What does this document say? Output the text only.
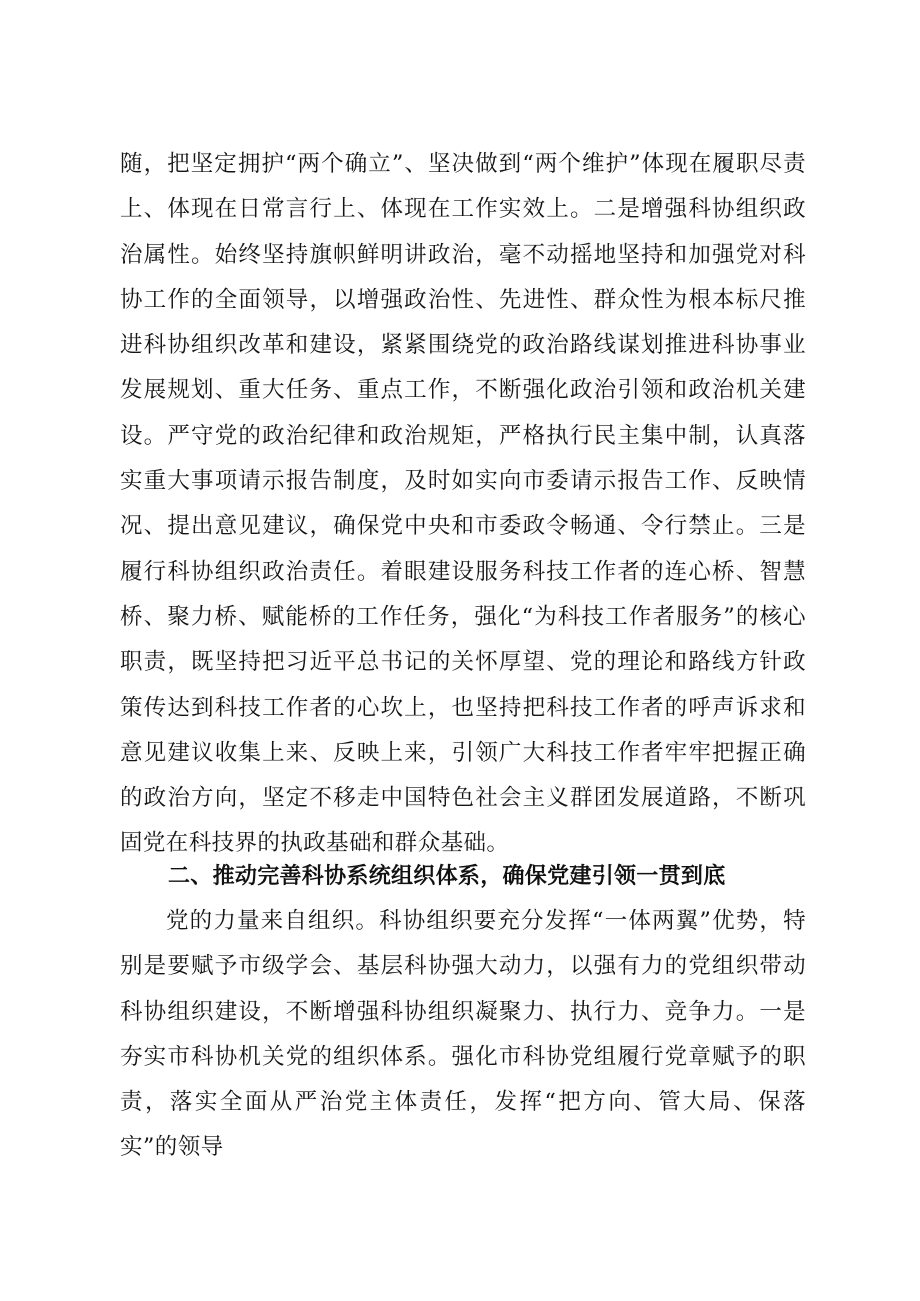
随，把坚定拥护“两个确立”、坚决做到“两个维护”体现在履职尽责上、体现在日常言行上、体现在工作实效上。二是增强科协组织政治属性。始终坚持旗帜鲜明讲政治，毫不动摇地坚持和加强党对科协工作的全面领导，以增强政治性、先进性、群众性为根本标尺推进科协组织改革和建设，紧紧围绕党的政治路线谋划推进科协事业发展规划、重大任务、重点工作，不断强化政治引领和政治机关建设。严守党的政治纪律和政治规矩，严格执行民主集中制，认真落实重大事项请示报告制度，及时如实向市委请示报告工作、反映情况、提出意见建议，确保党中央和市委政令畅通、令行禁止。三是履行科协组织政治责任。着眼建设服务科技工作者的连心桥、智慧桥、聚力桥、赋能桥的工作任务，强化“为科技工作者服务”的核心职责，既坚持把习近平总书记的关怀厚望、党的理论和路线方针政策传达到科技工作者的心坎上，也坚持把科技工作者的呼声诉求和意见建议收集上来、反映上来，引领广大科技工作者牢牢把握正确的政治方向，坚定不移走中国特色社会主义群团发展道路，不断巩固党在科技界的执政基础和群众基础。

二、推动完善科协系统组织体系，确保党建引领一贯到底

党的力量来自组织。科协组织要充分发挥“一体两翼”优势，特别是要赋予市级学会、基层科协强大动力，以强有力的党组织带动科协组织建设，不断增强科协组织凝聚力、执行力、竞争力。一是夯实市科协机关党的组织体系。强化市科协党组履行党章赋予的职责，落实全面从严治党主体责任，发挥“把方向、管大局、保落实”的领导
